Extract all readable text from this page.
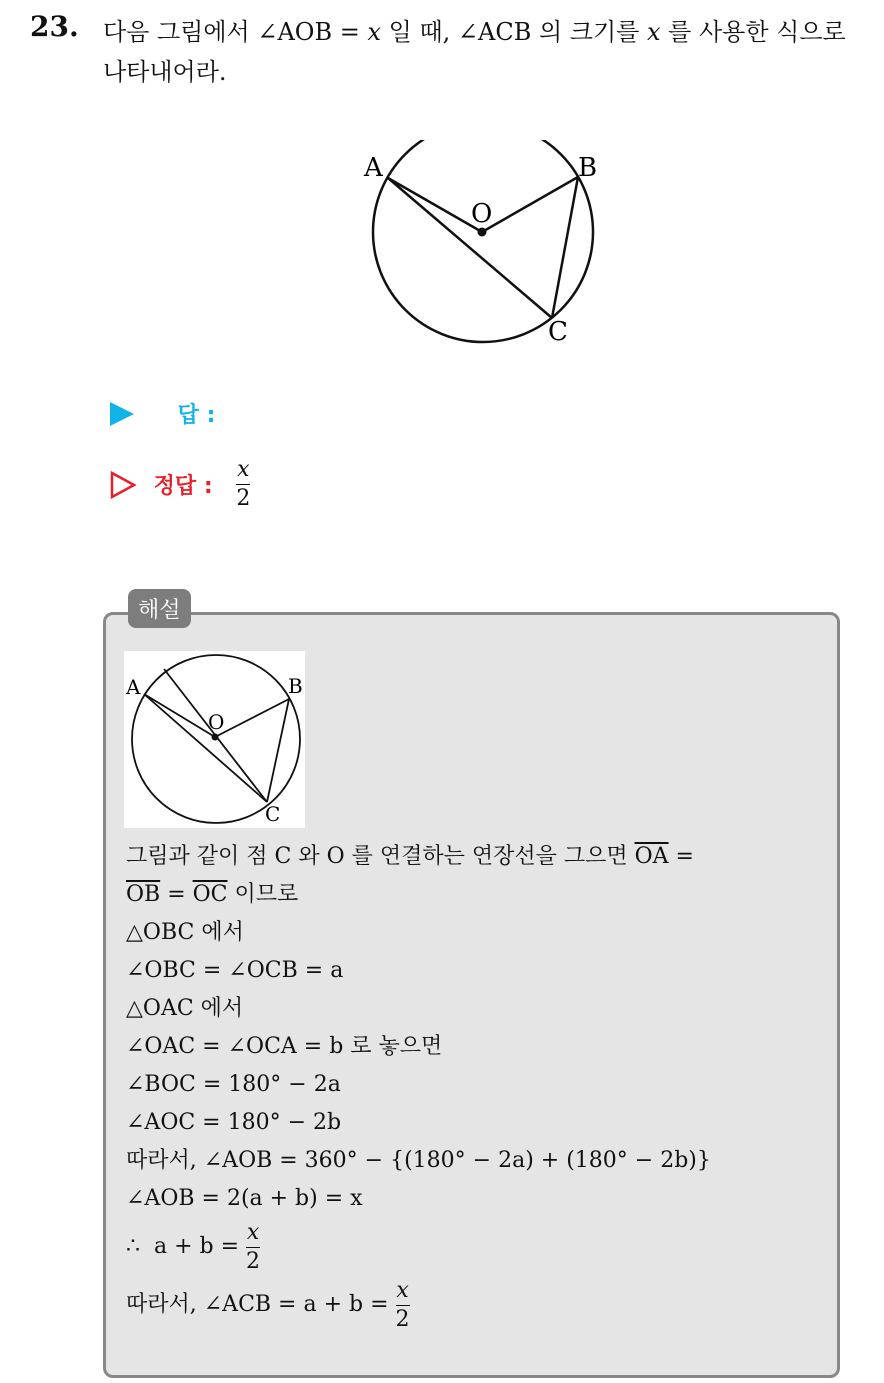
23. 다음 그림에서 ∠AOB = x 일 때, ∠ACB 의 크기를 x 를 사용한 식으로 나타내어라.
A	B
O
C
답 :
정답 : $\frac{x}{2}$
해설
A	B
O
C
그림과 같이 점 C 와 O 를 연결하는 연장선을 그으면 $\overline{OA}$ =
$\overline{OB} = \overline{OC}$ 이므로
△OBC 에서
∠OBC = ∠OCB = a
△OAC 에서
∠OAC = ∠OCA = b 로 놓으면
∠BOC = 180° − 2a
∠AOC = 180° − 2b
따라서, ∠AOB = 360° − {(180° − 2a) + (180° − 2b)}
∠AOB = 2(a + b) = x
∴  $a + b = \frac{x}{2}$
따라서, ∠ACB = $a + b = \frac{x}{2}$
